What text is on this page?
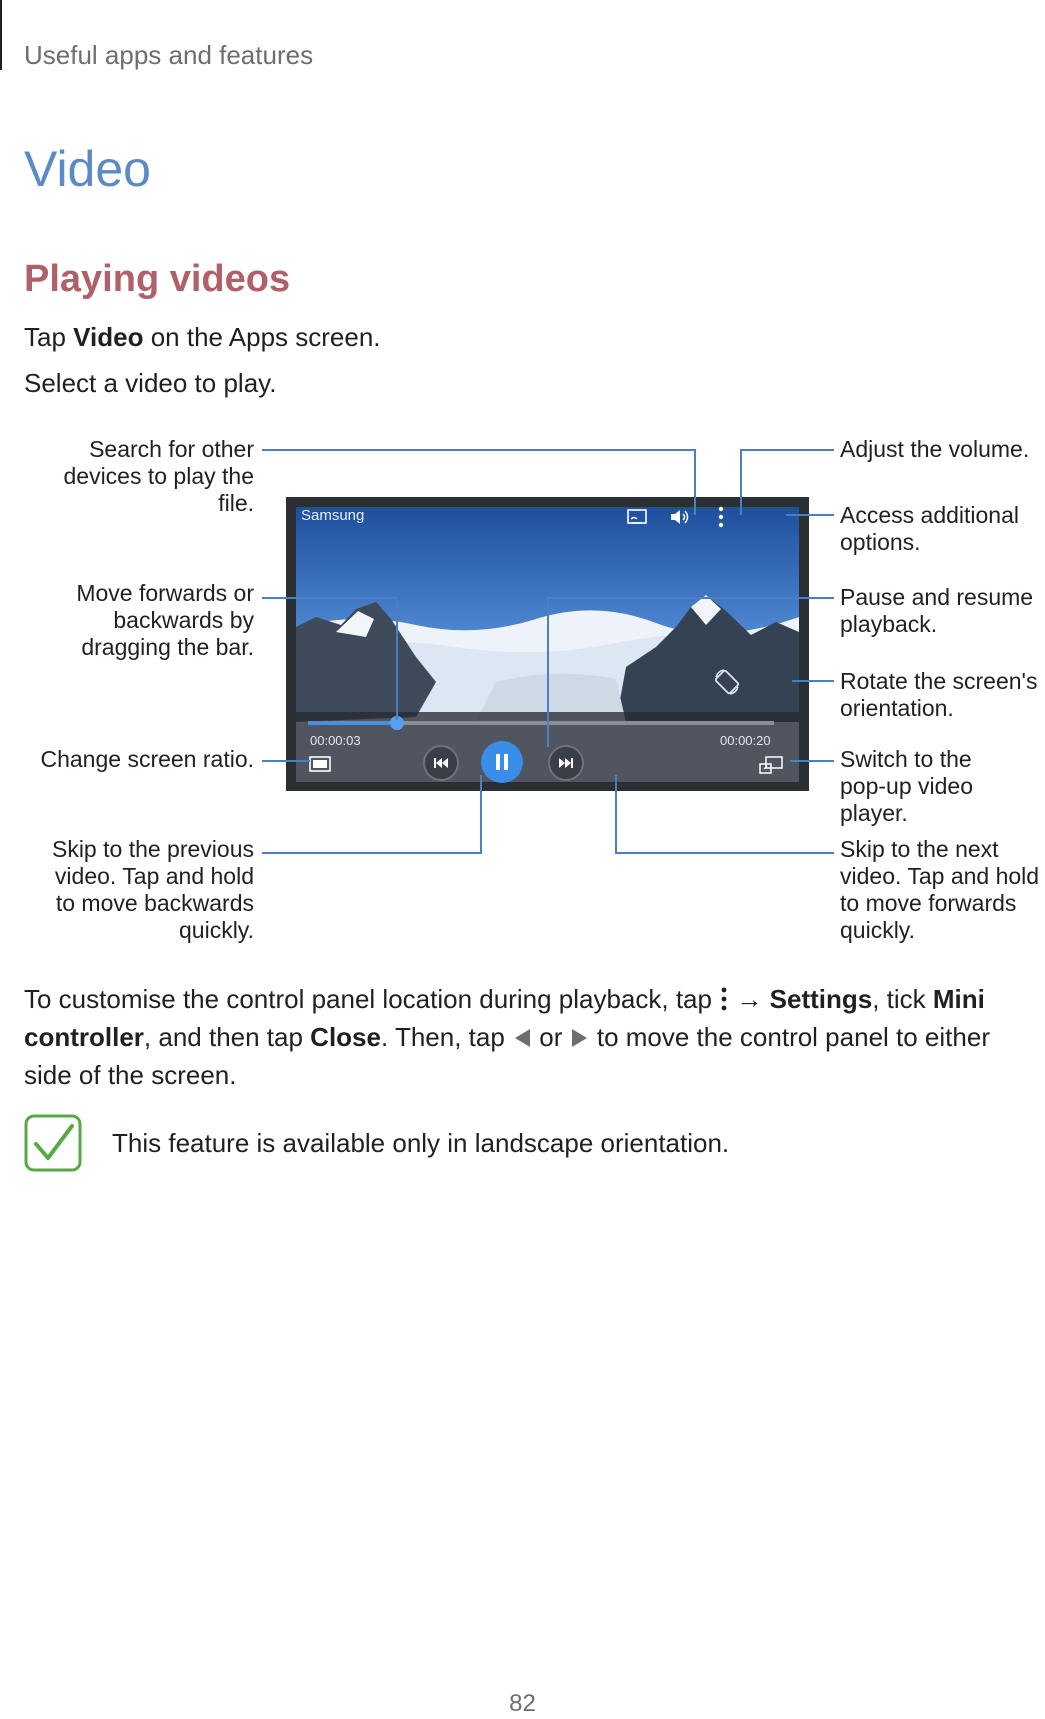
Useful apps and features
Video
Playing videos
Tap Video on the Apps screen.
Select a video to play.
Search for other
devices to play the
file.
Move forwards or
backwards by
dragging the bar.
Change screen ratio.
Skip to the previous
video. Tap and hold
to move backwards
quickly.
Adjust the volume.
Access additional
options.
Pause and resume
playback.
Rotate the screen's
orientation.
Switch to the
pop-up video player.
Skip to the next
video. Tap and hold
to move forwards
quickly.
Samsung
00:00:03	00:00:20
To customise the control panel location during playback, tap  → Settings, tick Mini controller, and then tap Close. Then, tap  or  to move the control panel to either side of the screen.
This feature is available only in landscape orientation.
82
